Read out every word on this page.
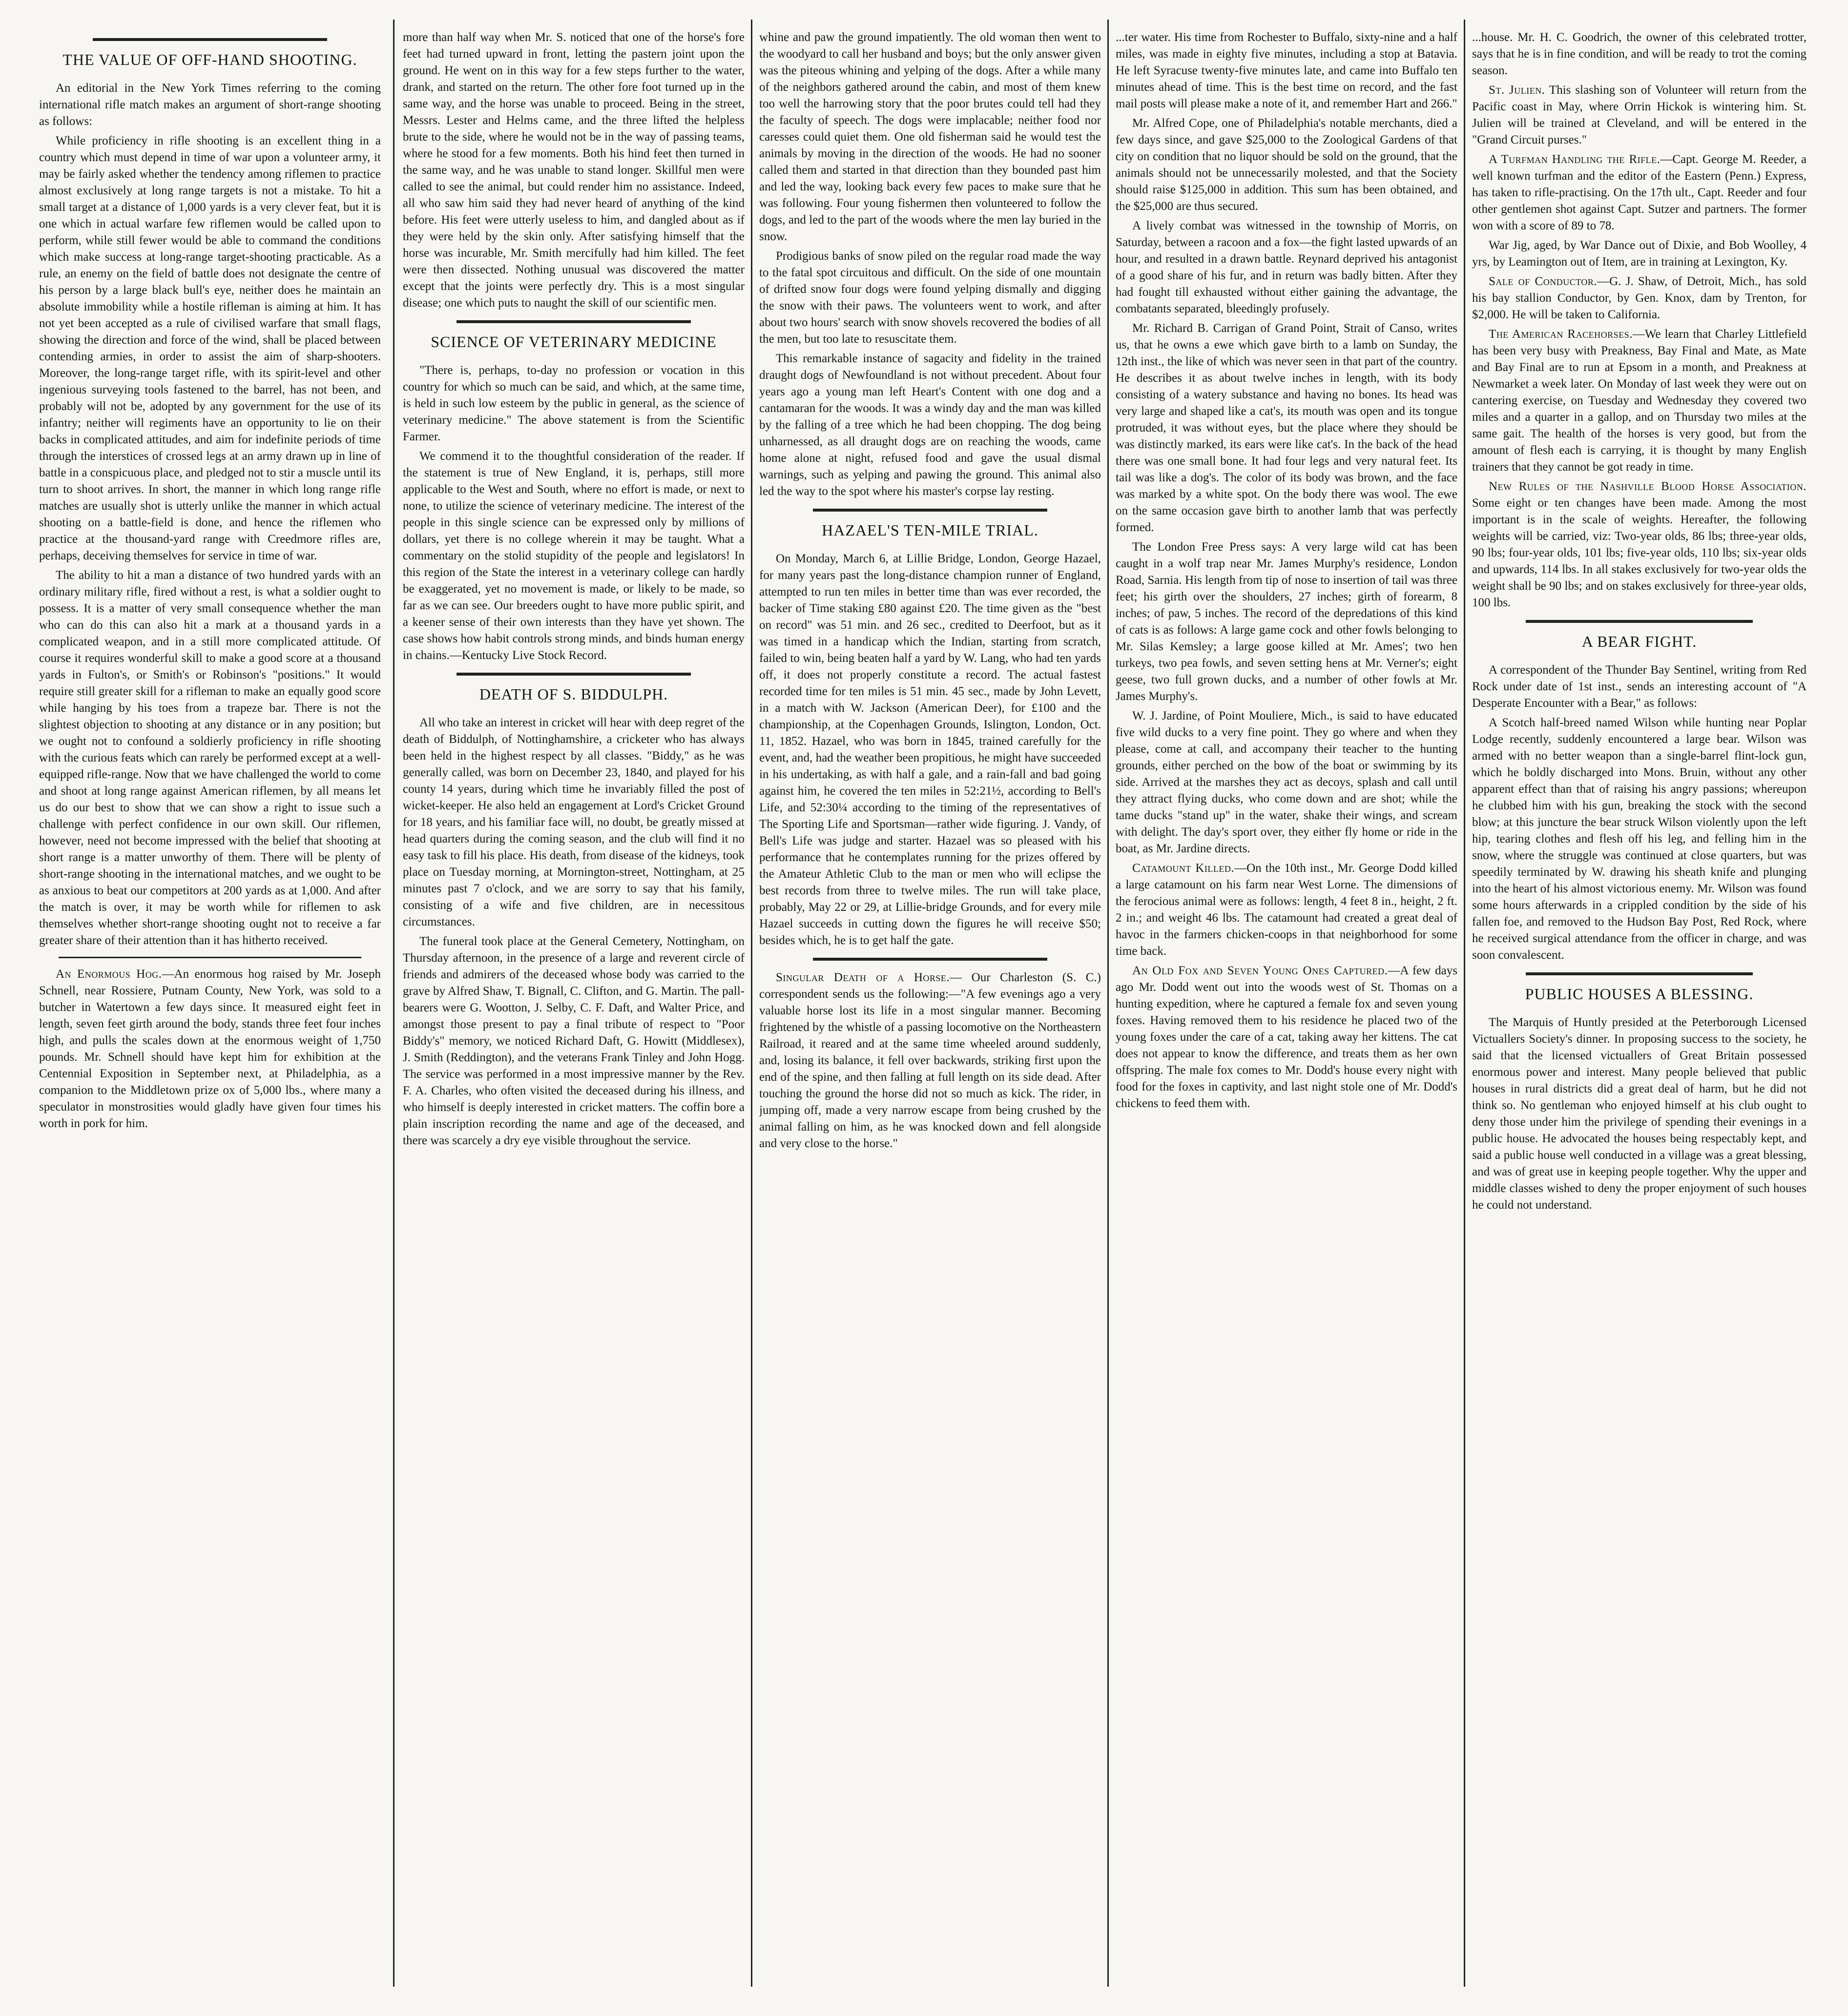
THE VALUE OF OFF-HAND SHOOTING.

An editorial in the New York Times referring to the coming international rifle match makes an argument of short-range shooting as follows:

While proficiency in rifle shooting is an excellent thing in a country which must depend in time of war upon a volunteer army, it may be fairly asked whether the tendency among riflemen to practice almost exclusively at long range targets is not a mistake. To hit a small target at a distance of 1,000 yards is a very clever feat, but it is one which in actual warfare few riflemen would be called upon to perform, while still fewer would be able to command the conditions which make success at long-range target-shooting practicable. As a rule, an enemy on the field of battle does not designate the centre of his person by a large black bull's eye, neither does he maintain an absolute immobility while a hostile rifleman is aiming at him. It has not yet been accepted as a rule of civilised warfare that small flags, showing the direction and force of the wind, shall be placed between contending armies, in order to assist the aim of sharp-shooters. Moreover, the long-range target rifle, with its spirit-level and other ingenious surveying tools fastened to the barrel, has not been, and probably will not be, adopted by any government for the use of its infantry; neither will regiments have an opportunity to lie on their backs in complicated attitudes, and aim for indefinite periods of time through the interstices of crossed legs at an army drawn up in line of battle in a conspicuous place, and pledged not to stir a muscle until its turn to shoot arrives. In short, the manner in which long range rifle matches are usually shot is utterly unlike the manner in which actual shooting on a battle-field is done, and hence the riflemen who practice at the thousand-yard range with Creedmore rifles are, perhaps, deceiving themselves for service in time of war.

The ability to hit a man a distance of two hundred yards with an ordinary military rifle, fired without a rest, is what a soldier ought to possess. It is a matter of very small consequence whether the man who can do this can also hit a mark at a thousand yards in a complicated weapon, and in a still more complicated attitude. Of course it requires wonderful skill to make a good score at a thousand yards in Fulton's, or Smith's or Robinson's "positions." It would require still greater skill for a rifleman to make an equally good score while hanging by his toes from a trapeze bar. There is not the slightest objection to shooting at any distance or in any position; but we ought not to confound a soldierly proficiency in rifle shooting with the curious feats which can rarely be performed except at a well-equipped rifle-range. Now that we have challenged the world to come and shoot at long range against American riflemen, by all means let us do our best to show that we can show a right to issue such a challenge with perfect confidence in our own skill. Our riflemen, however, need not become impressed with the belief that shooting at short range is a matter unworthy of them. There will be plenty of short-range shooting in the international matches, and we ought to be as anxious to beat our competitors at 200 yards as at 1,000. And after the match is over, it may be worth while for riflemen to ask themselves whether short-range shooting ought not to receive a far greater share of their attention than it has hitherto received.

An Enormous Hog.—An enormous hog raised by Mr. Joseph Schnell, near Rossiere, Putnam County, New York, was sold to a butcher in Watertown a few days since. It measured eight feet in length, seven feet girth around the body, stands three feet four inches high, and pulls the scales down at the enormous weight of 1,750 pounds. Mr. Schnell should have kept him for exhibition at the Centennial Exposition in September next, at Philadelphia, as a companion to the Middletown prize ox of 5,000 lbs., where many a speculator in monstrosities would gladly have given four times his worth in pork for him.

more than half way when Mr. S. noticed that one of the horse's fore feet had turned upward in front, letting the pastern joint upon the ground. He went on in this way for a few steps further to the water, drank, and started on the return. The other fore foot turned up in the same way, and the horse was unable to proceed. Being in the street, Messrs. Lester and Helms came, and the three lifted the helpless brute to the side, where he would not be in the way of passing teams, where he stood for a few moments. Both his hind feet then turned in the same way, and he was unable to stand longer. Skillful men were called to see the animal, but could render him no assistance. Indeed, all who saw him said they had never heard of anything of the kind before. His feet were utterly useless to him, and dangled about as if they were held by the skin only. After satisfying himself that the horse was incurable, Mr. Smith mercifully had him killed. The feet were then dissected. Nothing unusual was discovered the matter except that the joints were perfectly dry. This is a most singular disease; one which puts to naught the skill of our scientific men.

SCIENCE OF VETERINARY MEDICINE

"There is, perhaps, to-day no profession or vocation in this country for which so much can be said, and which, at the same time, is held in such low esteem by the public in general, as the science of veterinary medicine." The above statement is from the Scientific Farmer.

We commend it to the thoughtful consideration of the reader. If the statement is true of New England, it is, perhaps, still more applicable to the West and South, where no effort is made, or next to none, to utilize the science of veterinary medicine. The interest of the people in this single science can be expressed only by millions of dollars, yet there is no college wherein it may be taught. What a commentary on the stolid stupidity of the people and legislators! In this region of the State the interest in a veterinary college can hardly be exaggerated, yet no movement is made, or likely to be made, so far as we can see. Our breeders ought to have more public spirit, and a keener sense of their own interests than they have yet shown. The case shows how habit controls strong minds, and binds human energy in chains.—Kentucky Live Stock Record.

DEATH OF S. BIDDULPH.

All who take an interest in cricket will hear with deep regret of the death of Biddulph, of Nottinghamshire, a cricketer who has always been held in the highest respect by all classes. "Biddy," as he was generally called, was born on December 23, 1840, and played for his county 14 years, during which time he invariably filled the post of wicket-keeper. He also held an engagement at Lord's Cricket Ground for 18 years, and his familiar face will, no doubt, be greatly missed at head quarters during the coming season, and the club will find it no easy task to fill his place. His death, from disease of the kidneys, took place on Tuesday morning, at Mornington-street, Nottingham, at 25 minutes past 7 o'clock, and we are sorry to say that his family, consisting of a wife and five children, are in necessitous circumstances.

The funeral took place at the General Cemetery, Nottingham, on Thursday afternoon, in the presence of a large and reverent circle of friends and admirers of the deceased whose body was carried to the grave by Alfred Shaw, T. Bignall, C. Clifton, and G. Martin. The pall-bearers were G. Wootton, J. Selby, C. F. Daft, and Walter Price, and amongst those present to pay a final tribute of respect to "Poor Biddy's" memory, we noticed Richard Daft, G. Howitt (Middlesex), J. Smith (Reddington), and the veterans Frank Tinley and John Hogg. The service was performed in a most impressive manner by the Rev. F. A. Charles, who often visited the deceased during his illness, and who himself is deeply interested in cricket matters. The coffin bore a plain inscription recording the name and age of the deceased, and there was scarcely a dry eye visible throughout the service.

whine and paw the ground impatiently. The old woman then went to the woodyard to call her husband and boys; but the only answer given was the piteous whining and yelping of the dogs. After a while many of the neighbors gathered around the cabin, and most of them knew too well the harrowing story that the poor brutes could tell had they the faculty of speech. The dogs were implacable; neither food nor caresses could quiet them. One old fisherman said he would test the animals by moving in the direction of the woods. He had no sooner called them and started in that direction than they bounded past him and led the way, looking back every few paces to make sure that he was following. Four young fishermen then volunteered to follow the dogs, and led to the part of the woods where the men lay buried in the snow.

Prodigious banks of snow piled on the regular road made the way to the fatal spot circuitous and difficult. On the side of one mountain of drifted snow four dogs were found yelping dismally and digging the snow with their paws. The volunteers went to work, and after about two hours' search with snow shovels recovered the bodies of all the men, but too late to resuscitate them.

This remarkable instance of sagacity and fidelity in the trained draught dogs of Newfoundland is not without precedent. About four years ago a young man left Heart's Content with one dog and a cantamaran for the woods. It was a windy day and the man was killed by the falling of a tree which he had been chopping. The dog being unharnessed, as all draught dogs are on reaching the woods, came home alone at night, refused food and gave the usual dismal warnings, such as yelping and pawing the ground. This animal also led the way to the spot where his master's corpse lay resting.

HAZAEL'S TEN-MILE TRIAL.

On Monday, March 6, at Lillie Bridge, London, George Hazael, for many years past the long-distance champion runner of England, attempted to run ten miles in better time than was ever recorded, the backer of Time staking £80 against £20. The time given as the "best on record" was 51 min. and 26 sec., credited to Deerfoot, but as it was timed in a handicap which the Indian, starting from scratch, failed to win, being beaten half a yard by W. Lang, who had ten yards off, it does not properly constitute a record. The actual fastest recorded time for ten miles is 51 min. 45 sec., made by John Levett, in a match with W. Jackson (American Deer), for £100 and the championship, at the Copenhagen Grounds, Islington, London, Oct. 11, 1852. Hazael, who was born in 1845, trained carefully for the event, and, had the weather been propitious, he might have succeeded in his undertaking, as with half a gale, and a rain-fall and bad going against him, he covered the ten miles in 52:21½, according to Bell's Life, and 52:30¼ according to the timing of the representatives of The Sporting Life and Sportsman—rather wide figuring. J. Vandy, of Bell's Life was judge and starter. Hazael was so pleased with his performance that he contemplates running for the prizes offered by the Amateur Athletic Club to the man or men who will eclipse the best records from three to twelve miles. The run will take place, probably, May 22 or 29, at Lillie-bridge Grounds, and for every mile Hazael succeeds in cutting down the figures he will receive $50; besides which, he is to get half the gate.

Singular Death of a Horse.— Our Charleston (S. C.) correspondent sends us the following:—"A few evenings ago a very valuable horse lost its life in a most singular manner. Becoming frightened by the whistle of a passing locomotive on the Northeastern Railroad, it reared and at the same time wheeled around suddenly, and, losing its balance, it fell over backwards, striking first upon the end of the spine, and then falling at full length on its side dead. After touching the ground the horse did not so much as kick. The rider, in jumping off, made a very narrow escape from being crushed by the animal falling on him, as he was knocked down and fell alongside and very close to the horse."

...ter water. His time from Rochester to Buffalo, sixty-nine and a half miles, was made in eighty five minutes, including a stop at Batavia. He left Syracuse twenty-five minutes late, and came into Buffalo ten minutes ahead of time. This is the best time on record, and the fast mail posts will please make a note of it, and remember Hart and 266."

Mr. Alfred Cope, one of Philadelphia's notable merchants, died a few days since, and gave $25,000 to the Zoological Gardens of that city on condition that no liquor should be sold on the ground, that the animals should not be unnecessarily molested, and that the Society should raise $125,000 in addition. This sum has been obtained, and the $25,000 are thus secured.

A lively combat was witnessed in the township of Morris, on Saturday, between a racoon and a fox—the fight lasted upwards of an hour, and resulted in a drawn battle. Reynard deprived his antagonist of a good share of his fur, and in return was badly bitten. After they had fought till exhausted without either gaining the advantage, the combatants separated, bleedingly profusely.

Mr. Richard B. Carrigan of Grand Point, Strait of Canso, writes us, that he owns a ewe which gave birth to a lamb on Sunday, the 12th inst., the like of which was never seen in that part of the country. He describes it as about twelve inches in length, with its body consisting of a watery substance and having no bones. Its head was very large and shaped like a cat's, its mouth was open and its tongue protruded, it was without eyes, but the place where they should be was distinctly marked, its ears were like cat's. In the back of the head there was one small bone. It had four legs and very natural feet. Its tail was like a dog's. The color of its body was brown, and the face was marked by a white spot. On the body there was wool. The ewe on the same occasion gave birth to another lamb that was perfectly formed.

The London Free Press says: A very large wild cat has been caught in a wolf trap near Mr. James Murphy's residence, London Road, Sarnia. His length from tip of nose to insertion of tail was three feet; his girth over the shoulders, 27 inches; girth of forearm, 8 inches; of paw, 5 inches. The record of the depredations of this kind of cats is as follows: A large game cock and other fowls belonging to Mr. Silas Kemsley; a large goose killed at Mr. Ames'; two hen turkeys, two pea fowls, and seven setting hens at Mr. Verner's; eight geese, two full grown ducks, and a number of other fowls at Mr. James Murphy's.

W. J. Jardine, of Point Mouliere, Mich., is said to have educated five wild ducks to a very fine point. They go where and when they please, come at call, and accompany their teacher to the hunting grounds, either perched on the bow of the boat or swimming by its side. Arrived at the marshes they act as decoys, splash and call until they attract flying ducks, who come down and are shot; while the tame ducks "stand up" in the water, shake their wings, and scream with delight. The day's sport over, they either fly home or ride in the boat, as Mr. Jardine directs.

Catamount Killed.—On the 10th inst., Mr. George Dodd killed a large catamount on his farm near West Lorne. The dimensions of the ferocious animal were as follows: length, 4 feet 8 in., height, 2 ft. 2 in.; and weight 46 lbs. The catamount had created a great deal of havoc in the farmers chicken-coops in that neighborhood for some time back.

An Old Fox and Seven Young Ones Captured.—A few days ago Mr. Dodd went out into the woods west of St. Thomas on a hunting expedition, where he captured a female fox and seven young foxes. Having removed them to his residence he placed two of the young foxes under the care of a cat, taking away her kittens. The cat does not appear to know the difference, and treats them as her own offspring. The male fox comes to Mr. Dodd's house every night with food for the foxes in captivity, and last night stole one of Mr. Dodd's chickens to feed them with.

...house. Mr. H. C. Goodrich, the owner of this celebrated trotter, says that he is in fine condition, and will be ready to trot the coming season.

St. Julien. This slashing son of Volunteer will return from the Pacific coast in May, where Orrin Hickok is wintering him. St. Julien will be trained at Cleveland, and will be entered in the "Grand Circuit purses."

A Turfman Handling the Rifle.—Capt. George M. Reeder, a well known turfman and the editor of the Eastern (Penn.) Express, has taken to rifle-practising. On the 17th ult., Capt. Reeder and four other gentlemen shot against Capt. Sutzer and partners. The former won with a score of 89 to 78.

War Jig, aged, by War Dance out of Dixie, and Bob Woolley, 4 yrs, by Leamington out of Item, are in training at Lexington, Ky.

Sale of Conductor.—G. J. Shaw, of Detroit, Mich., has sold his bay stallion Conductor, by Gen. Knox, dam by Trenton, for $2,000. He will be taken to California.

The American Racehorses.—We learn that Charley Littlefield has been very busy with Preakness, Bay Final and Mate, as Mate and Bay Final are to run at Epsom in a month, and Preakness at Newmarket a week later. On Monday of last week they were out on cantering exercise, on Tuesday and Wednesday they covered two miles and a quarter in a gallop, and on Thursday two miles at the same gait. The health of the horses is very good, but from the amount of flesh each is carrying, it is thought by many English trainers that they cannot be got ready in time.

New Rules of the Nashville Blood Horse Association. Some eight or ten changes have been made. Among the most important is in the scale of weights. Hereafter, the following weights will be carried, viz: Two-year olds, 86 lbs; three-year olds, 90 lbs; four-year olds, 101 lbs; five-year olds, 110 lbs; six-year olds and upwards, 114 lbs. In all stakes exclusively for two-year olds the weight shall be 90 lbs; and on stakes exclusively for three-year olds, 100 lbs.

A BEAR FIGHT.

A correspondent of the Thunder Bay Sentinel, writing from Red Rock under date of 1st inst., sends an interesting account of "A Desperate Encounter with a Bear," as follows:

A Scotch half-breed named Wilson while hunting near Poplar Lodge recently, suddenly encountered a large bear. Wilson was armed with no better weapon than a single-barrel flint-lock gun, which he boldly discharged into Mons. Bruin, without any other apparent effect than that of raising his angry passions; whereupon he clubbed him with his gun, breaking the stock with the second blow; at this juncture the bear struck Wilson violently upon the left hip, tearing clothes and flesh off his leg, and felling him in the snow, where the struggle was continued at close quarters, but was speedily terminated by W. drawing his sheath knife and plunging into the heart of his almost victorious enemy. Mr. Wilson was found some hours afterwards in a crippled condition by the side of his fallen foe, and removed to the Hudson Bay Post, Red Rock, where he received surgical attendance from the officer in charge, and was soon convalescent.

PUBLIC HOUSES A BLESSING.

The Marquis of Huntly presided at the Peterborough Licensed Victuallers Society's dinner. In proposing success to the society, he said that the licensed victuallers of Great Britain possessed enormous power and interest. Many people believed that public houses in rural districts did a great deal of harm, but he did not think so. No gentleman who enjoyed himself at his club ought to deny those under him the privilege of spending their evenings in a public house. He advocated the houses being respectably kept, and said a public house well conducted in a village was a great blessing, and was of great use in keeping people together. Why the upper and middle classes wished to deny the proper enjoyment of such houses he could not understand.
